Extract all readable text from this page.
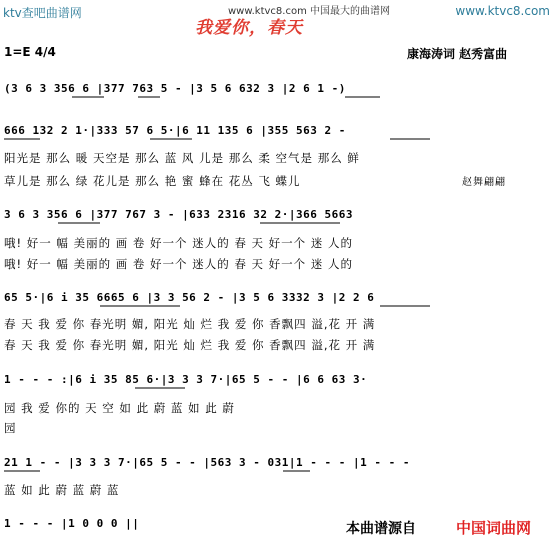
ktv查吧曲谱网	www.ktvc8.com 中国最大的曲谱网	www.ktvc8.com
我爱你，春天
1=E 4/4	康海涛词 赵秀富曲
(3 6 3 356 6 |377 763 5 - |3 5 6 632 3 |2 6 1 -)
666 132 2 1·|333 57 6 5·|6 11 135 6 |355 563 2 -
阳光是 那么 暖 天空是 那么 蓝 风 儿是 那么 柔 空气是 那么 鲜
草儿是 那么 绿 花儿是 那么 艳 蜜 蜂在 花丛 飞 蝶儿	赵舞翩翩
3 6 3 356 6 |377 767 3 - |633 2316 32 2·|366 5663
哦! 好一 幅 美丽的 画 卷 好一个 迷人的 春 天 好一个 迷 人的
哦! 好一 幅 美丽的 画 卷 好一个 迷人的 春 天 好一个 迷 人的
65 5·|6 i 35 6665 6 |3 3 56 2 - |3 5 6 3332 3 |2 2 6
春 天 我 爱 你 春光明 媚, 阳光 灿 烂 我 爱 你 香飘四 溢,花 开 满
春 天 我 爱 你 春光明 媚, 阳光 灿 烂 我 爱 你 香飘四 溢,花 开 满
1 - - - :|6 i 35 85 6·|3 3 3 7·|65 5 - - |6 6 63 3·
园 我 爱 你的 天 空 如 此 蔚 蓝 如 此 蔚
园
21 1 - - |3 3 3 7·|65 5 - - |563 3 - 031|1 - - - |1 - - -
蓝 如 此 蔚 蓝 蔚 蓝
1 - - - |1 0 0 0 ||	本曲谱源自	中国词曲网
